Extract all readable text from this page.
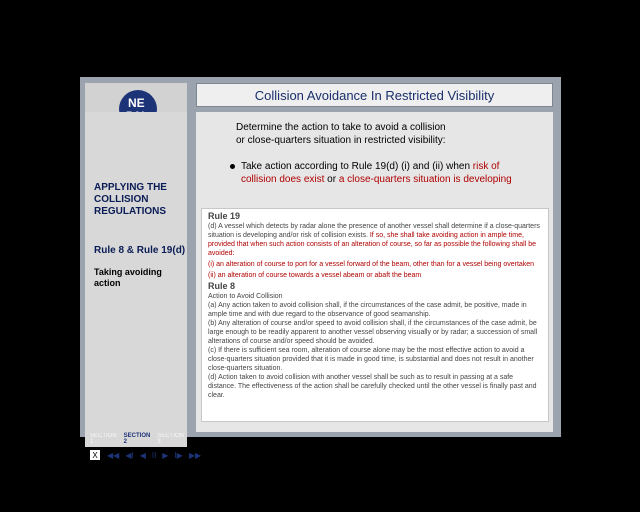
NE
Collision Avoidance In Restricted Visibility
APPLYING THE COLLISION REGULATIONS
Rule 8 & Rule 19(d)
Taking avoiding action
SECTION 1
SECTION 2
SECTION 3
X	◀◀ ◀I ◀ II ▶ I▶ ▶▶
Determine the action to take to avoid a collision or close-quarters situation in restricted visibility:
Take action according to Rule 19(d) (i) and (ii) when risk of collision does exist or a close-quarters situation is developing
Rule 19

(d) A vessel which detects by radar alone the presence of another vessel shall determine if a close-quarters situation is developing and/or risk of collision exists. If so, she shall take avoiding action in ample time, provided that when such action consists of an alteration of course, so far as possible the following shall be avoided:

(i) an alteration of course to port for a vessel forward of the beam, other than for a vessel being overtaken

(ii) an alteration of course towards a vessel abeam or abaft the beam

Rule 8

Action to Avoid Collision

(a) Any action taken to avoid collision shall, if the circumstances of the case admit, be positive, made in ample time and with due regard to the observance of good seamanship.

(b) Any alteration of course and/or speed to avoid collision shall, if the circumstances of the case admit, be large enough to be readily apparent to another vessel observing visually or by radar; a succession of small alterations of course and/or speed should be avoided.

(c) If there is sufficient sea room, alteration of course alone may be the most effective action to avoid a close-quarters situation provided that it is made in good time, is substantial and does not result in another close-quarters situation.

(d) Action taken to avoid collision with another vessel shall be such as to result in passing at a safe distance. The effectiveness of the action shall be carefully checked until the other vessel is finally past and clear.
